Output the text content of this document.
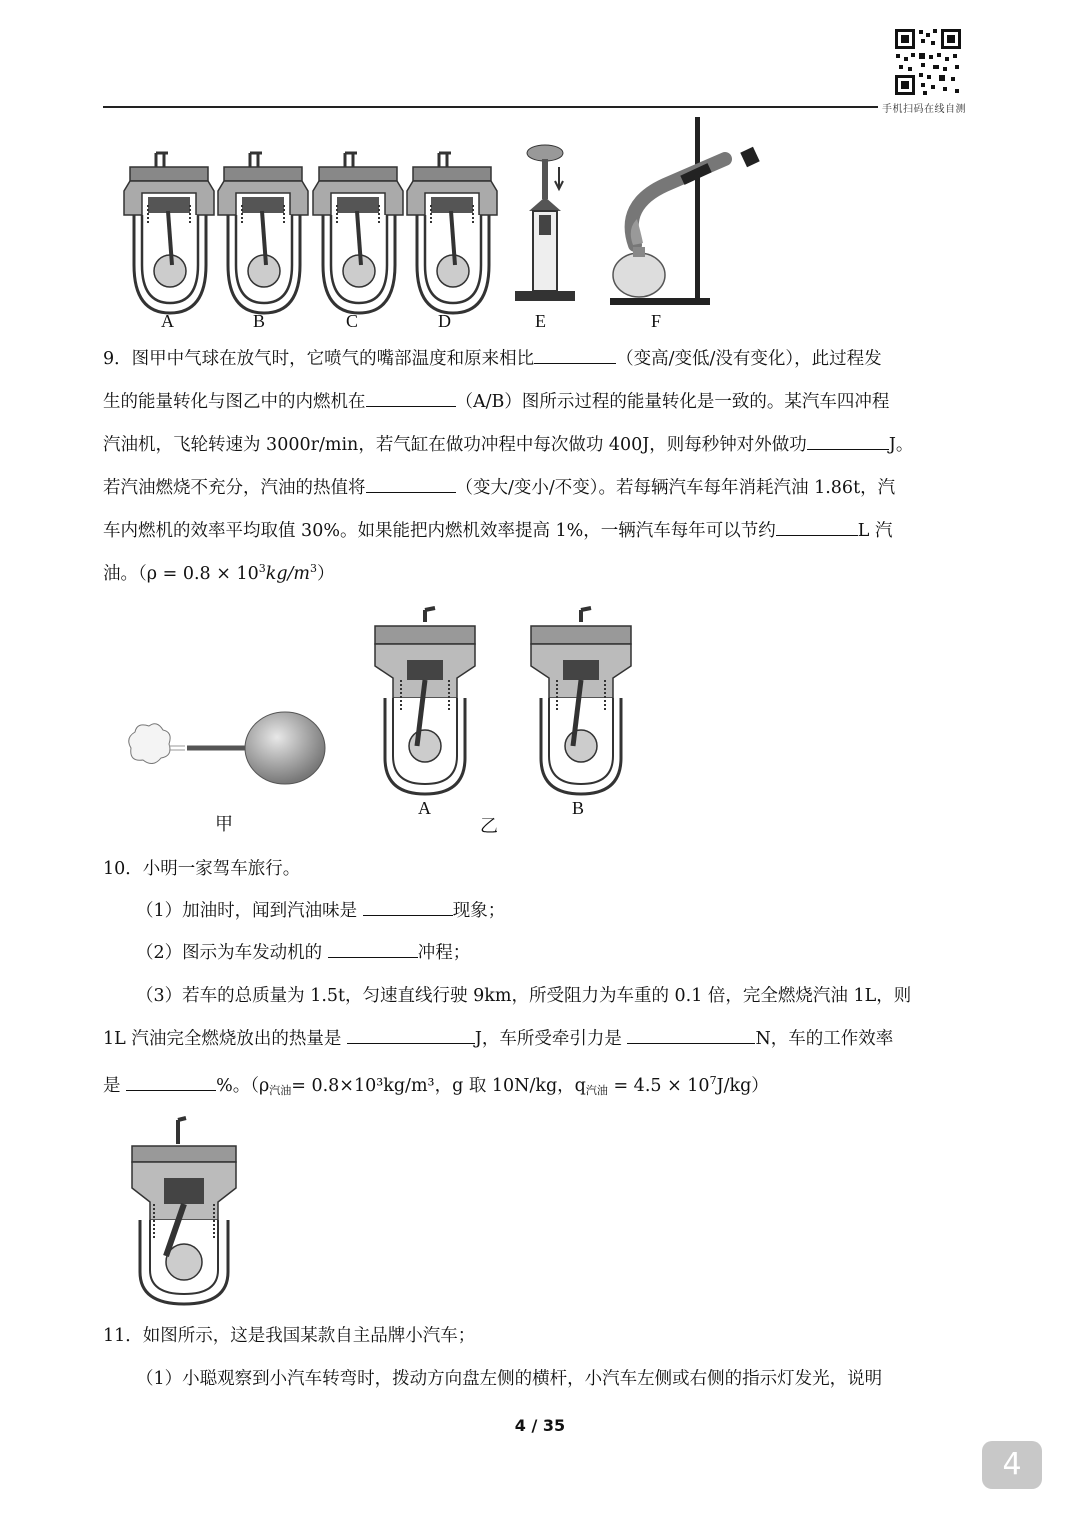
手机扫码在线自测
A	B	C	D	E	F
9．图甲中气球在放气时，它喷气的嘴部温度和原来相比	（变高/变低/没有变化），此过程发
生的能量转化与图乙中的内燃机在	（A/B）图所示过程的能量转化是一致的。某汽车四冲程
汽油机，飞轮转速为 3000r/min，若气缸在做功冲程中每次做功 400J，则每秒钟对外做功	J。
若汽油燃烧不充分，汽油的热值将	（变大/变小/不变）。若每辆汽车每年消耗汽油 1.86t，汽
车内燃机的效率平均取值 30%。如果能把内燃机效率提高 1%，一辆汽车每年可以节约	L 汽
油。$(\rho = 0.8 \times 10^3kg/m^3)$
甲
A
乙
B
10．小明一家驾车旅行。
（1）加油时，闻到汽油味是	现象；
（2）图示为车发动机的	冲程；
（3）若车的总质量为 1.5t，匀速直线行驶 9km，所受阻力为车重的 0.1 倍，完全燃烧汽油 1L，则
1L 汽油完全燃烧放出的热量是	J，车所受牵引力是	N，车的工作效率
是	%。（$\rho_{汽油}= 0.8\times 10^3kg/m^3$，g 取 10N/kg，$q_{汽油} = 4.5 \times 10^7J/kg$）
11．如图所示，这是我国某款自主品牌小汽车；
（1）小聪观察到小汽车转弯时，拨动方向盘左侧的横杆，小汽车左侧或右侧的指示灯发光，说明
4 / 35
4
